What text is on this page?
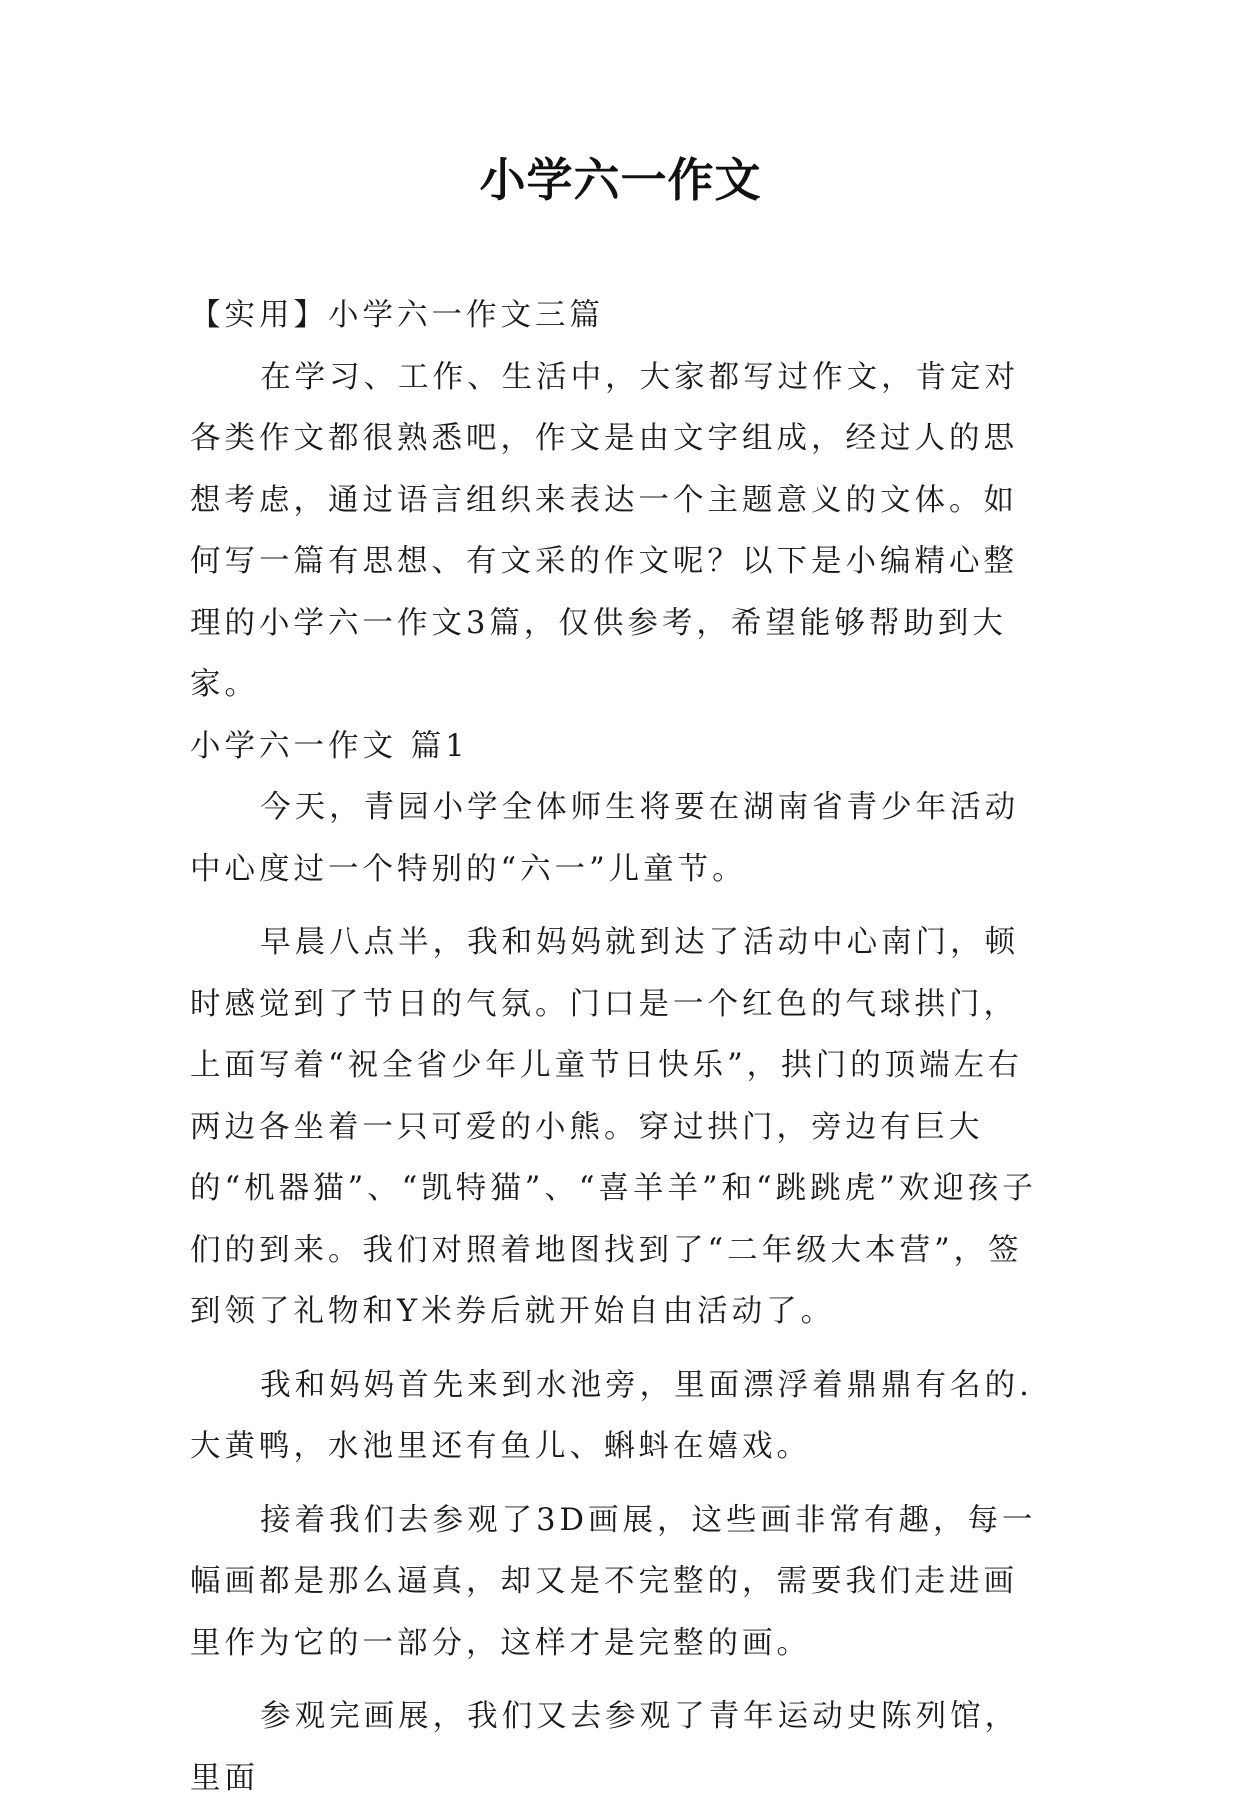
小学六一作文

【实用】小学六一作文三篇

在学习、工作、生活中，大家都写过作文，肯定对各类作文都很熟悉吧，作文是由文字组成，经过人的思想考虑，通过语言组织来表达一个主题意义的文体。如何写一篇有思想、有文采的作文呢？以下是小编精心整理的小学六一作文3篇，仅供参考，希望能够帮助到大家。

小学六一作文 篇1

今天，青园小学全体师生将要在湖南省青少年活动中心度过一个特别的“六一”儿童节。

早晨八点半，我和妈妈就到达了活动中心南门，顿时感觉到了节日的气氛。门口是一个红色的气球拱门，上面写着“祝全省少年儿童节日快乐”，拱门的顶端左右两边各坐着一只可爱的小熊。穿过拱门，旁边有巨大的“机器猫”、“凯特猫”、“喜羊羊”和“跳跳虎”欢迎孩子们的到来。我们对照着地图找到了“二年级大本营”，签到领了礼物和Y米券后就开始自由活动了。

我和妈妈首先来到水池旁，里面漂浮着鼎鼎有名的.大黄鸭，水池里还有鱼儿、蝌蚪在嬉戏。

接着我们去参观了3D画展，这些画非常有趣，每一幅画都是那么逼真，却又是不完整的，需要我们走进画里作为它的一部分，这样才是完整的画。

参观完画展，我们又去参观了青年运动史陈列馆，里面
